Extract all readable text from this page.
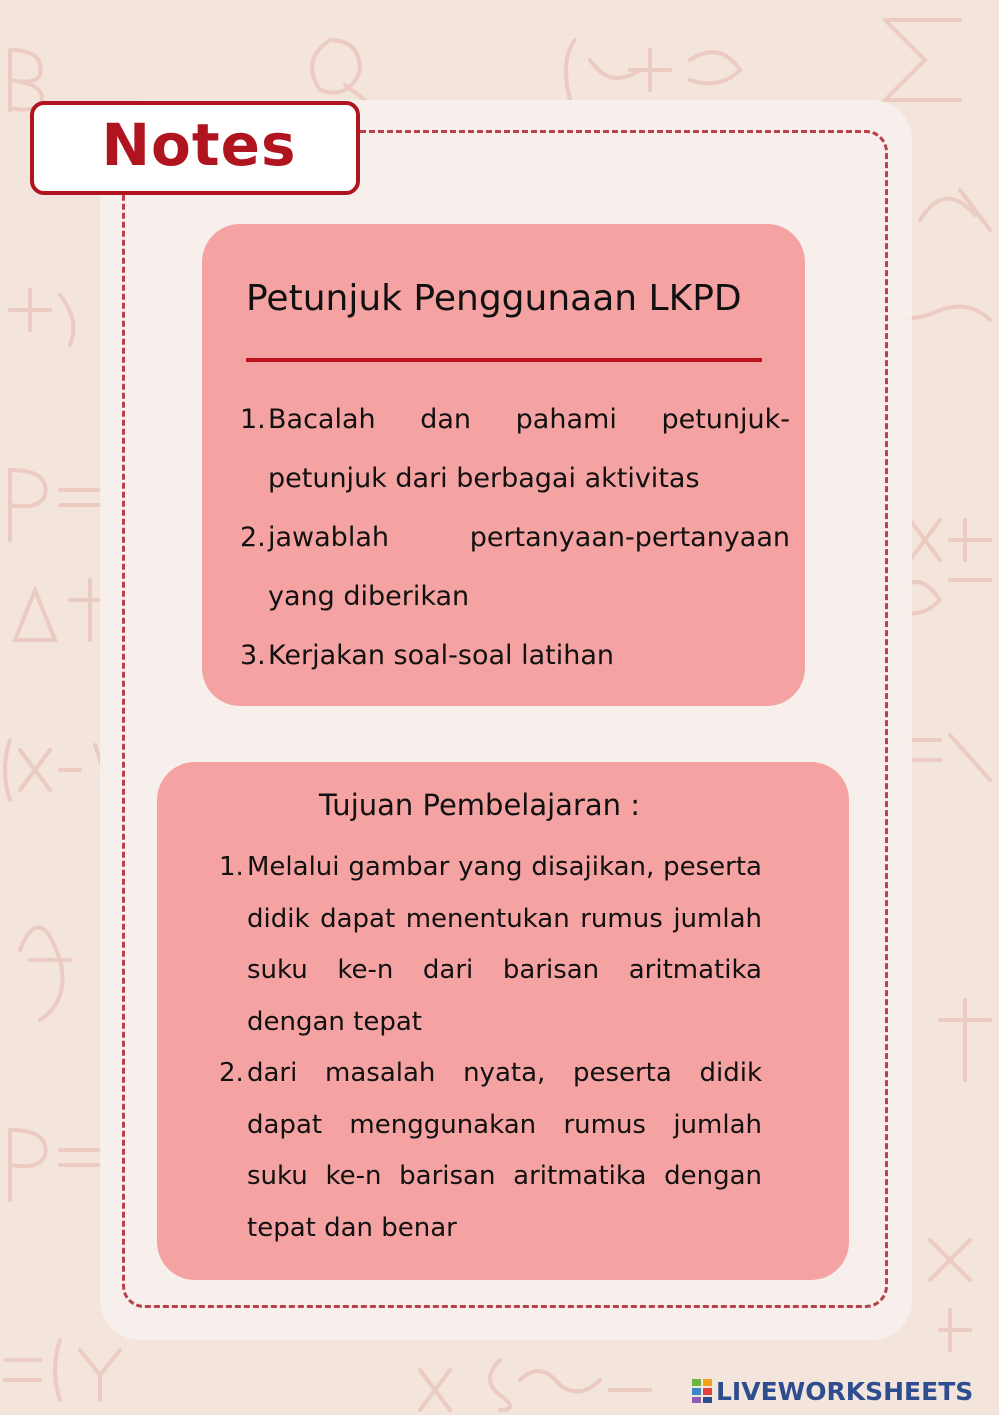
Notes
Petunjuk Penggunaan LKPD
1. Bacalah dan pahami petunjuk-petunjuk dari berbagai aktivitas
2. jawablah pertanyaan-pertanyaan yang diberikan
3. Kerjakan soal-soal latihan
Tujuan Pembelajaran :
1. Melalui gambar yang disajikan, peserta didik dapat menentukan rumus jumlah suku ke-n dari barisan aritmatika dengan tepat
2. dari masalah nyata, peserta didik dapat menggunakan rumus jumlah suku ke-n barisan aritmatika dengan tepat dan benar
LIVEWORKSHEETS
